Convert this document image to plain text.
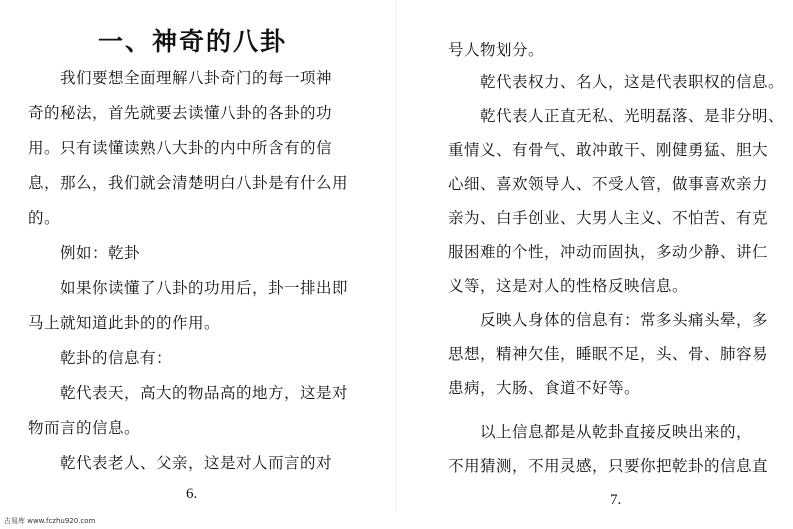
一、神奇的八卦
我们要想全面理解八卦奇门的每一项神
奇的秘法，首先就要去读懂八卦的各卦的功
用。只有读懂读熟八大卦的内中所含有的信
息，那么，我们就会清楚明白八卦是有什么用
的。
例如：乾卦
如果你读懂了八卦的功用后，卦一排出即
马上就知道此卦的的作用。
乾卦的信息有：
乾代表天，高大的物品高的地方，这是对
物而言的信息。
乾代表老人、父亲，这是对人而言的对
6.
号人物划分。
乾代表权力、名人，这是代表职权的信息。
乾代表人正直无私、光明磊落、是非分明、
重情义、有骨气、敢冲敢干、刚健勇猛、胆大
心细、喜欢领导人、不受人管，做事喜欢亲力
亲为、白手创业、大男人主义、不怕苦、有克
服困难的个性，冲动而固执，多动少静、讲仁
义等，这是对人的性格反映信息。
反映人身体的信息有：常多头痛头晕，多
思想，精神欠佳，睡眠不足，头、骨、肺容易
患病，大肠、食道不好等。
以上信息都是从乾卦直接反映出来的，
不用猜测，不用灵感，只要你把乾卦的信息直
7.
古易库 www.fczhu920.com
